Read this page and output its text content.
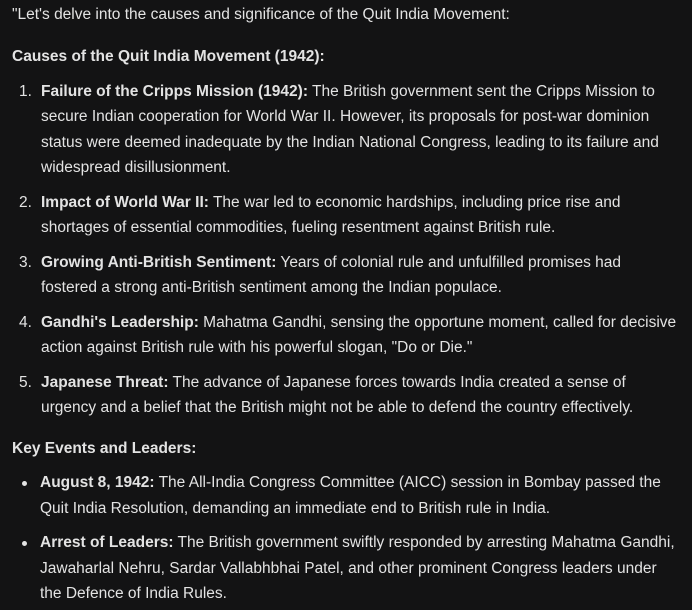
"Let's delve into the causes and significance of the Quit India Movement:

Causes of the Quit India Movement (1942):
1. Failure of the Cripps Mission (1942): The British government sent the Cripps Mission to secure Indian cooperation for World War II. However, its proposals for post-war dominion status were deemed inadequate by the Indian National Congress, leading to its failure and widespread disillusionment.
2. Impact of World War II: The war led to economic hardships, including price rise and shortages of essential commodities, fueling resentment against British rule.
3. Growing Anti-British Sentiment: Years of colonial rule and unfulfilled promises had fostered a strong anti-British sentiment among the Indian populace.
4. Gandhi's Leadership: Mahatma Gandhi, sensing the opportune moment, called for decisive action against British rule with his powerful slogan, "Do or Die."
5. Japanese Threat: The advance of Japanese forces towards India created a sense of urgency and a belief that the British might not be able to defend the country effectively.
Key Events and Leaders:
August 8, 1942: The All-India Congress Committee (AICC) session in Bombay passed the Quit India Resolution, demanding an immediate end to British rule in India.
Arrest of Leaders: The British government swiftly responded by arresting Mahatma Gandhi, Jawaharlal Nehru, Sardar Vallabhbhai Patel, and other prominent Congress leaders under the Defence of India Rules.
